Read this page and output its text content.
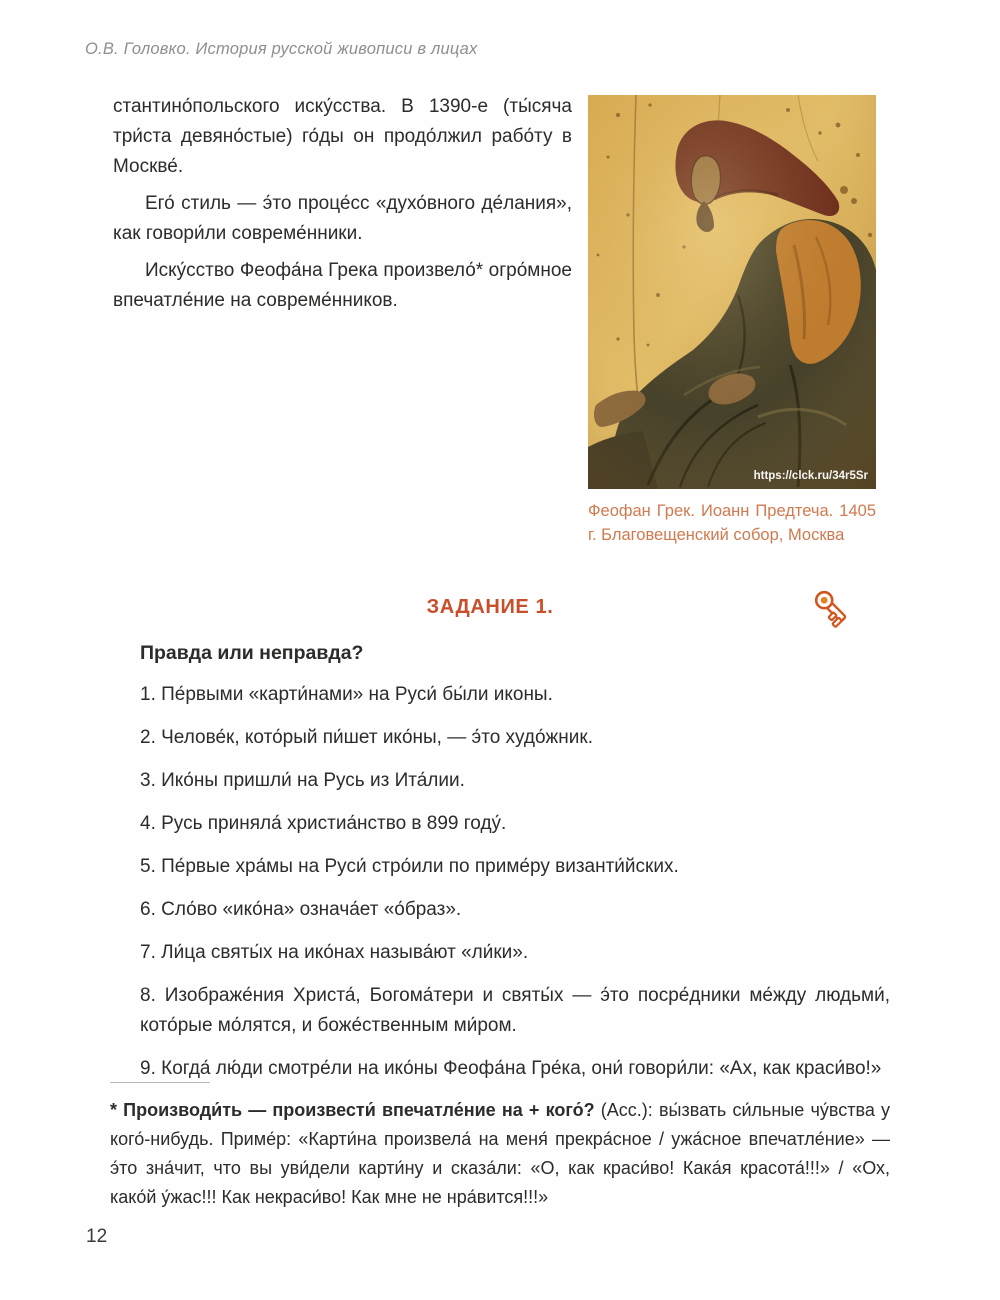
О.В. Головко. История русской живописи в лицах

стантино́польского иску́сства. В 1390-е (ты́сяча три́ста девяно́стые) го́ды он продо́лжил рабо́ту в Москве́.

Его́ стиль — э́то проце́сс «духо́вного де́лания», как говори́ли совреме́нники.

Иску́сство Феофа́на Грека произвело́* огро́мное впечатле́ние на совреме́нников.

https://clck.ru/34r5Sr
Феофан Грек. Иоанн Предтеча. 1405 г. Благовещенский собор, Москва
ЗАДАНИЕ 1.

Правда или неправда?

1. Пе́рвыми «карти́нами» на Руси́ бы́ли иконы.
2. Челове́к, кото́рый пи́шет ико́ны, — э́то худо́жник.
3. Ико́ны пришли́ на Русь из Ита́лии.
4. Русь приняла́ христиа́нство в 899 году́.
5. Пе́рвые хра́мы на Руси́ стро́или по приме́ру византи́йских.
6. Сло́во «ико́на» означа́ет «о́браз».
7. Ли́ца святы́х на ико́нах называ́ют «ли́ки».
8. Изображе́ния Христа́, Богома́тери и святы́х — э́то посре́дники ме́жду людьми́, кото́рые мо́лятся, и боже́ственным ми́ром.
9. Когда́ лю́ди смотре́ли на ико́ны Феофа́на Гре́ка, они́ говори́ли: «Ах, как краси́во!»
* Производи́ть — произвести́ впечатле́ние на + кого́? (Асс.): вы́звать си́льные чу́вства у кого́-нибудь. Приме́р: «Карти́на произвела́ на меня́ прекра́сное / ужа́сное впечатле́ние» — э́то зна́чит, что вы уви́дели карти́ну и сказа́ли: «О, как краси́во! Кака́я красота́!!!» / «Ох, како́й у́жас!!! Как некраси́во! Как мне не нра́вится!!!»
12
